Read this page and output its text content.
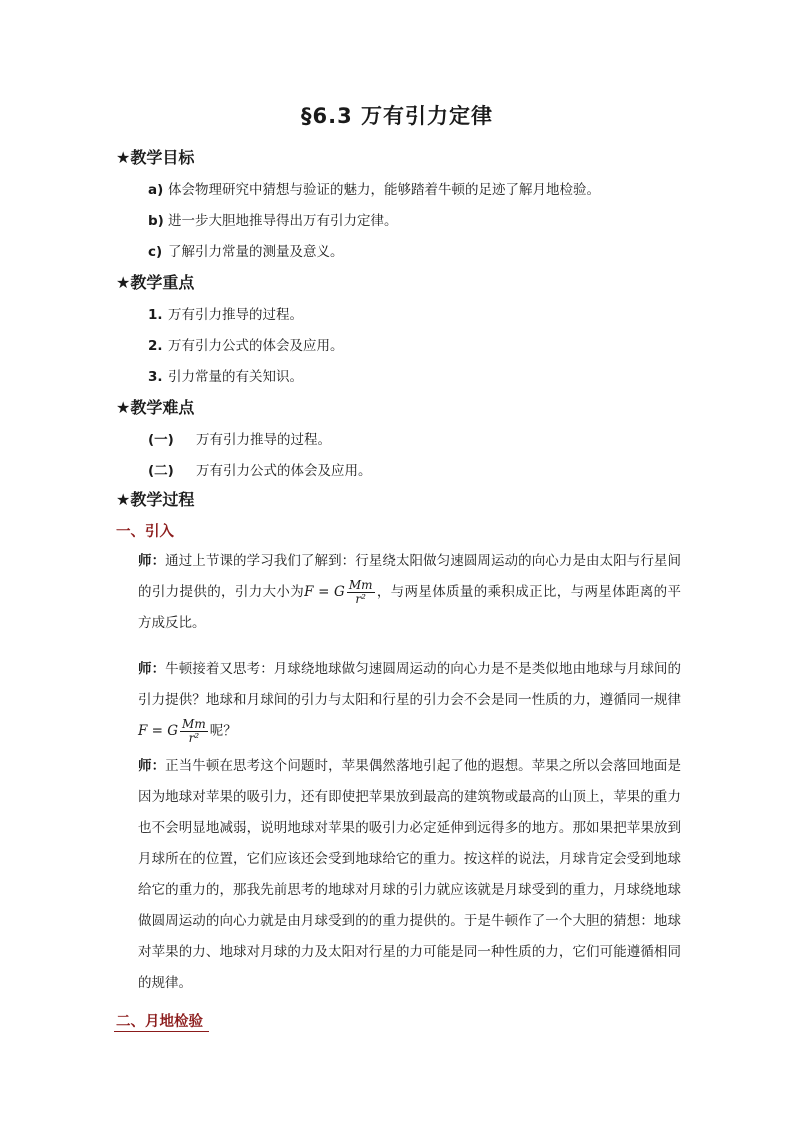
§6.3 万有引力定律
★教学目标
a) 体会物理研究中猜想与验证的魅力，能够踏着牛顿的足迹了解月地检验。
b) 进一步大胆地推导得出万有引力定律。
c) 了解引力常量的测量及意义。
★教学重点
1. 万有引力推导的过程。
2. 万有引力公式的体会及应用。
3. 引力常量的有关知识。
★教学难点
(一) 万有引力推导的过程。
(二) 万有引力公式的体会及应用。
★教学过程
一、引入
师：通过上节课的学习我们了解到：行星绕太阳做匀速圆周运动的向心力是由太阳与行星间的引力提供的，引力大小为F = G $\frac{Mm}{\text{r²}}$ ，与两星体质量的乘积成正比，与两星体距离的平方成反比。
师：牛顿接着又思考：月球绕地球做匀速圆周运动的向心力是不是类似地由地球与月球间的引力提供？地球和月球间的引力与太阳和行星的引力会不会是同一性质的力，遵循同一规律F = G $\frac{Mm}{\text{r²}}$ 呢？
师：正当牛顿在思考这个问题时，苹果偶然落地引起了他的遐想。苹果之所以会落回地面是因为地球对苹果的吸引力，还有即使把苹果放到最高的建筑物或最高的山顶上，苹果的重力也不会明显地减弱，说明地球对苹果的吸引力必定延伸到远得多的地方。那如果把苹果放到月球所在的位置，它们应该还会受到地球给它的重力。按这样的说法，月球肯定会受到地球给它的重力的，那我先前思考的地球对月球的引力就应该就是月球受到的重力，月球绕地球做圆周运动的向心力就是由月球受到的的重力提供的。于是牛顿作了一个大胆的猜想：地球对苹果的力、地球对月球的力及太阳对行星的力可能是同一种性质的力，它们可能遵循相同的规律。
二、月地检验
